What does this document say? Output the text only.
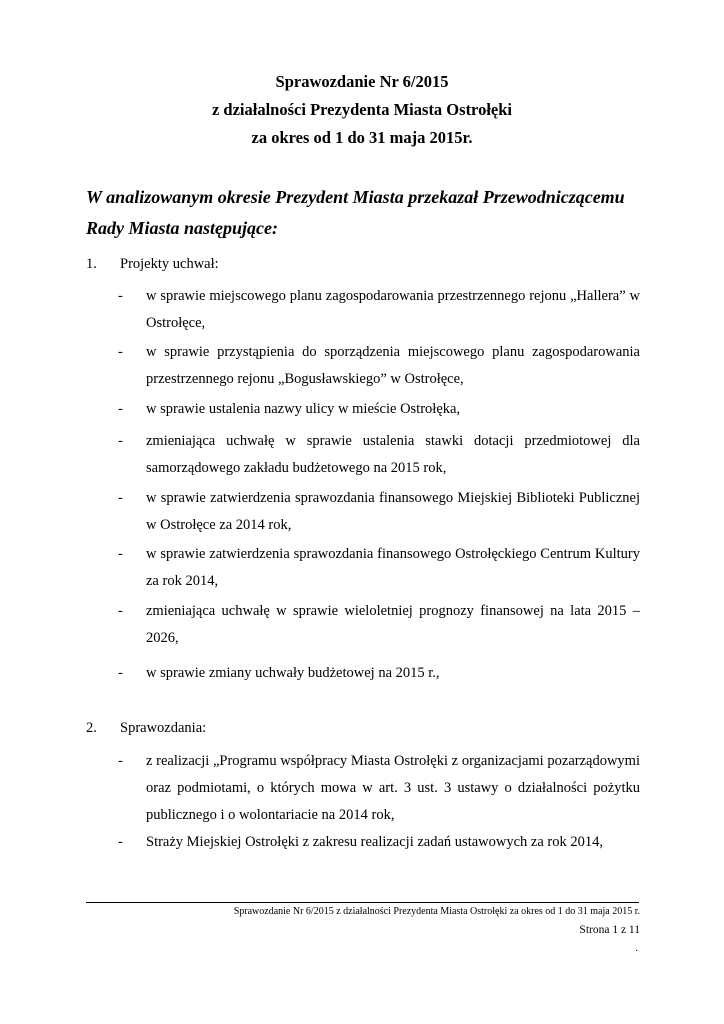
Sprawozdanie Nr 6/2015
z działalności Prezydenta Miasta Ostrołęki
za okres od 1 do 31 maja 2015r.
W analizowanym okresie Prezydent Miasta przekazał Przewodniczącemu Rady Miasta następujące:
1. Projekty uchwał:
- w sprawie miejscowego planu zagospodarowania przestrzennego rejonu „Hallera” w Ostrołęce,
- w sprawie przystąpienia do sporządzenia miejscowego planu zagospodarowania przestrzennego rejonu „Bogusławskiego” w Ostrołęce,
- w sprawie ustalenia nazwy ulicy w mieście Ostrołęka,
- zmieniająca uchwałę w sprawie ustalenia stawki dotacji przedmiotowej dla samorządowego zakładu budżetowego na 2015 rok,
- w sprawie zatwierdzenia sprawozdania finansowego Miejskiej Biblioteki Publicznej w Ostrołęce za 2014 rok,
- w sprawie zatwierdzenia sprawozdania finansowego Ostrołęckiego Centrum Kultury za rok 2014,
- zmieniająca uchwałę w sprawie wieloletniej prognozy finansowej na lata 2015 – 2026,
- w sprawie zmiany uchwały budżetowej na 2015 r.,
2. Sprawozdania:
- z realizacji „Programu współpracy Miasta Ostrołęki z organizacjami pozarządowymi oraz podmiotami, o których mowa w art. 3 ust. 3 ustawy o działalności pożytku publicznego i o wolontariacie na 2014 rok,
- Straży Miejskiej Ostrołęki z zakresu realizacji zadań ustawowych za rok 2014,
Sprawozdanie Nr 6/2015 z działalności Prezydenta Miasta Ostrołęki za okres od 1 do 31 maja 2015 r.
Strona 1 z 11
.
